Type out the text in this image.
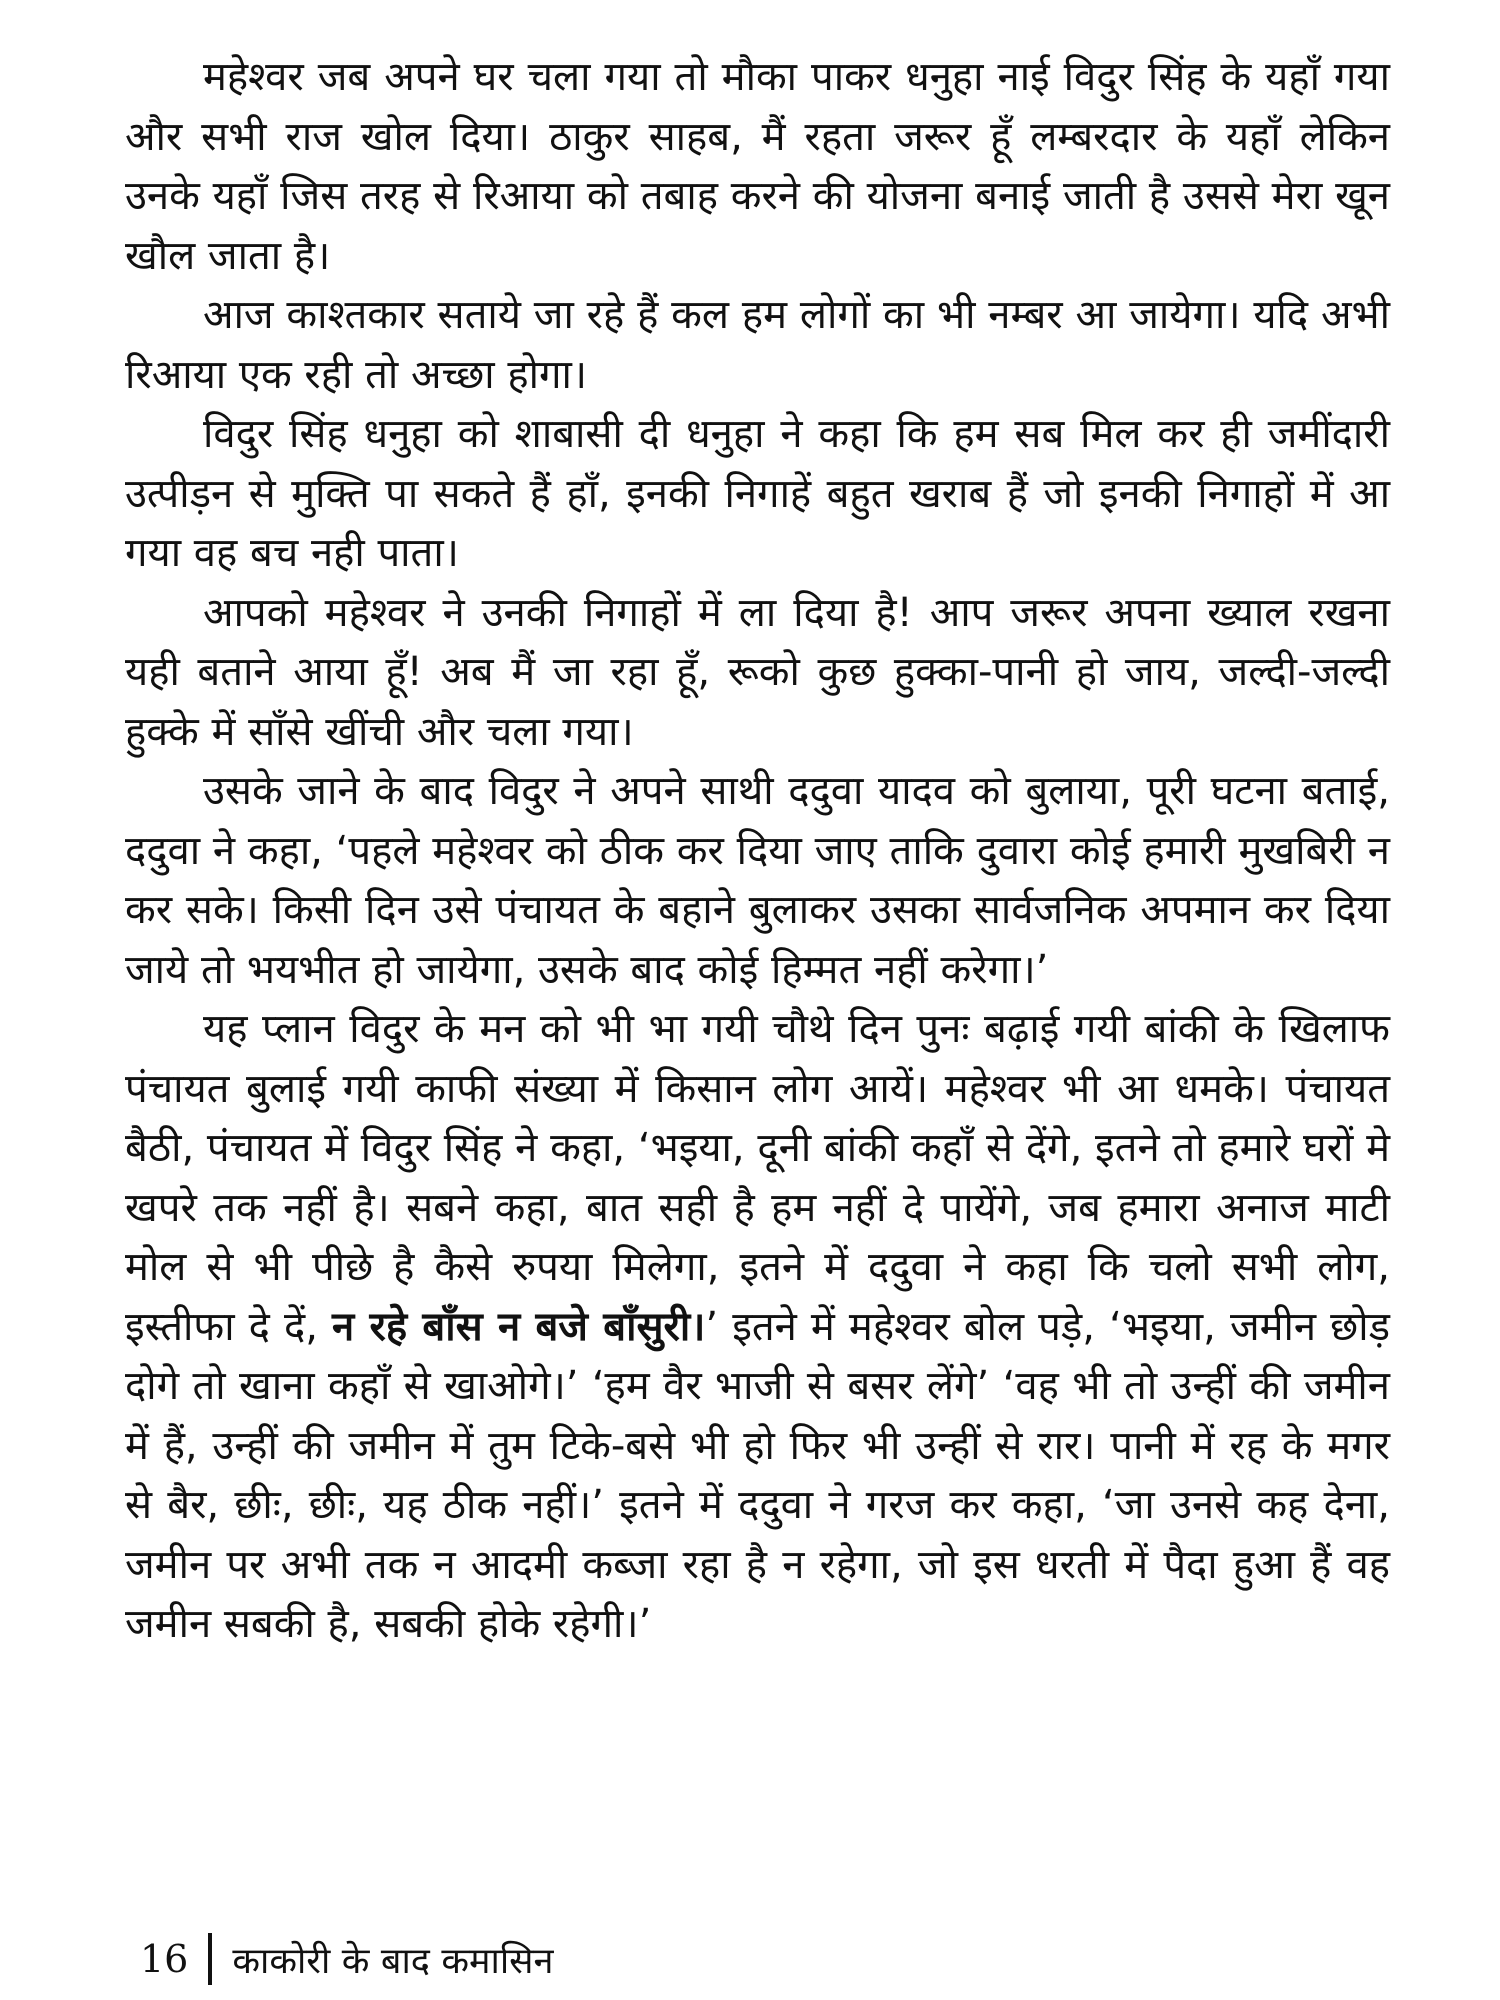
महेश्वर जब अपने घर चला गया तो मौका पाकर धनुहा नाई विदुर सिंह के यहाँ गया और सभी राज खोल दिया। ठाकुर साहब, मैं रहता जरूर हूँ लम्बरदार के यहाँ लेकिन उनके यहाँ जिस तरह से रिआया को तबाह करने की योजना बनाई जाती है उससे मेरा खून खौल जाता है।

आज काश्तकार सताये जा रहे हैं कल हम लोगों का भी नम्बर आ जायेगा। यदि अभी रिआया एक रही तो अच्छा होगा।

विदुर सिंह धनुहा को शाबासी दी धनुहा ने कहा कि हम सब मिल कर ही जमींदारी उत्पीड़न से मुक्ति पा सकते हैं हाँ, इनकी निगाहें बहुत खराब हैं जो इनकी निगाहों में आ गया वह बच नही पाता।

आपको महेश्वर ने उनकी निगाहों में ला दिया है! आप जरूर अपना ख्याल रखना यही बताने आया हूँ! अब मैं जा रहा हूँ, रूको कुछ हुक्का-पानी हो जाय, जल्दी-जल्दी हुक्के में साँसे खींची और चला गया।

उसके जाने के बाद विदुर ने अपने साथी ददुवा यादव को बुलाया, पूरी घटना बताई, ददुवा ने कहा, ‘पहले महेश्वर को ठीक कर दिया जाए ताकि दुवारा कोई हमारी मुखबिरी न कर सके। किसी दिन उसे पंचायत के बहाने बुलाकर उसका सार्वजनिक अपमान कर दिया जाये तो भयभीत हो जायेगा, उसके बाद कोई हिम्मत नहीं करेगा।’

यह प्लान विदुर के मन को भी भा गयी चौथे दिन पुनः बढ़ाई गयी बांकी के खिलाफ पंचायत बुलाई गयी काफी संख्या में किसान लोग आयें। महेश्वर भी आ धमके। पंचायत बैठी, पंचायत में विदुर सिंह ने कहा, ‘भइया, दूनी बांकी कहाँ से देंगे, इतने तो हमारे घरों मे खपरे तक नहीं है। सबने कहा, बात सही है हम नहीं दे पायेंगे, जब हमारा अनाज माटी मोल से भी पीछे है कैसे रुपया मिलेगा, इतने में ददुवा ने कहा कि चलो सभी लोग, इस्तीफा दे दें, न रहे बाँस न बजे बाँसुरी।’ इतने में महेश्वर बोल पड़े, ‘भइया, जमीन छोड़ दोगे तो खाना कहाँ से खाओगे।’ ‘हम वैर भाजी से बसर लेंगे’ ‘वह भी तो उन्हीं की जमीन में हैं, उन्हीं की जमीन में तुम टिके-बसे भी हो फिर भी उन्हीं से रार। पानी में रह के मगर से बैर, छीः, छीः, यह ठीक नहीं।’ इतने में ददुवा ने गरज कर कहा, ‘जा उनसे कह देना, जमीन पर अभी तक न आदमी कब्जा रहा है न रहेगा, जो इस धरती में पैदा हुआ हैं वह जमीन सबकी है, सबकी होके रहेगी।’

16 काकोरी के बाद कमासिन
